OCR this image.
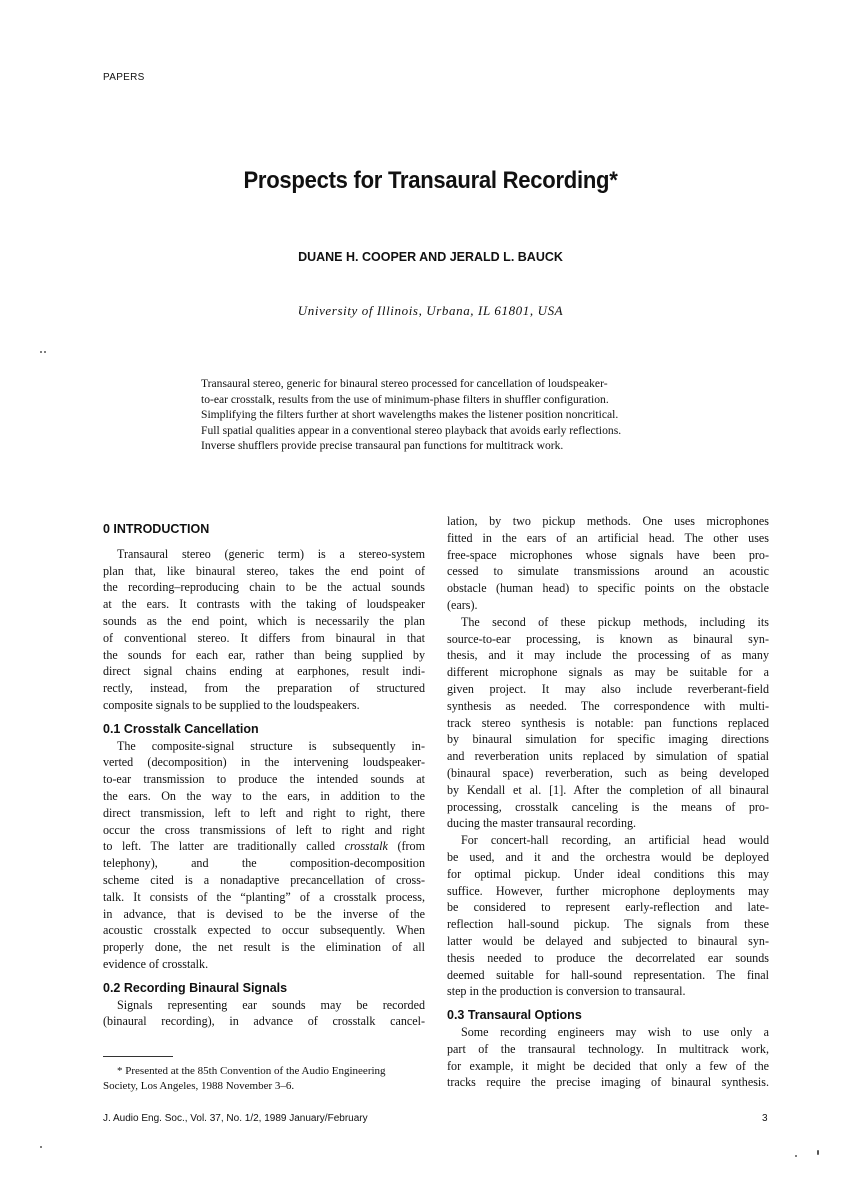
PAPERS
Prospects for Transaural Recording*
DUANE H. COOPER AND JERALD L. BAUCK
University of Illinois, Urbana, IL 61801, USA
Transaural stereo, generic for binaural stereo processed for cancellation of loudspeaker-
to-ear crosstalk, results from the use of minimum-phase filters in shuffler configuration.
Simplifying the filters further at short wavelengths makes the listener position noncritical.
Full spatial qualities appear in a conventional stereo playback that avoids early reflections.
Inverse shufflers provide precise transaural pan functions for multitrack work.
0 INTRODUCTION
Transaural stereo (generic term) is a stereo-system
plan that, like binaural stereo, takes the end point of
the recording–reproducing chain to be the actual sounds
at the ears. It contrasts with the taking of loudspeaker
sounds as the end point, which is necessarily the plan
of conventional stereo. It differs from binaural in that
the sounds for each ear, rather than being supplied by
direct signal chains ending at earphones, result indi-
rectly, instead, from the preparation of structured
composite signals to be supplied to the loudspeakers.
0.1 Crosstalk Cancellation
The composite-signal structure is subsequently in-
verted (decomposition) in the intervening loudspeaker-
to-ear transmission to produce the intended sounds at
the ears. On the way to the ears, in addition to the
direct transmission, left to left and right to right, there
occur the cross transmissions of left to right and right
to left. The latter are traditionally called crosstalk (from
telephony), and the composition-decomposition
scheme cited is a nonadaptive precancellation of cross-
talk. It consists of the “planting” of a crosstalk process,
in advance, that is devised to be the inverse of the
acoustic crosstalk expected to occur subsequently. When
properly done, the net result is the elimination of all
evidence of crosstalk.
0.2 Recording Binaural Signals
Signals representing ear sounds may be recorded
(binaural recording), in advance of crosstalk cancel-
lation, by two pickup methods. One uses microphones
fitted in the ears of an artificial head. The other uses
free-space microphones whose signals have been pro-
cessed to simulate transmissions around an acoustic
obstacle (human head) to specific points on the obstacle
(ears).
The second of these pickup methods, including its
source-to-ear processing, is known as binaural syn-
thesis, and it may include the processing of as many
different microphone signals as may be suitable for a
given project. It may also include reverberant-field
synthesis as needed. The correspondence with multi-
track stereo synthesis is notable: pan functions replaced
by binaural simulation for specific imaging directions
and reverberation units replaced by simulation of spatial
(binaural space) reverberation, such as being developed
by Kendall et al. [1]. After the completion of all binaural
processing, crosstalk canceling is the means of pro-
ducing the master transaural recording.
For concert-hall recording, an artificial head would
be used, and it and the orchestra would be deployed
for optimal pickup. Under ideal conditions this may
suffice. However, further microphone deployments may
be considered to represent early-reflection and late-
reflection hall-sound pickup. The signals from these
latter would be delayed and subjected to binaural syn-
thesis needed to produce the decorrelated ear sounds
deemed suitable for hall-sound representation. The final
step in the production is conversion to transaural.
0.3 Transaural Options
Some recording engineers may wish to use only a
part of the transaural technology. In multitrack work,
for example, it might be decided that only a few of the
tracks require the precise imaging of binaural synthesis.
* Presented at the 85th Convention of the Audio Engineering
Society, Los Angeles, 1988 November 3–6.
J. Audio Eng. Soc., Vol. 37, No. 1/2, 1989 January/February	3
